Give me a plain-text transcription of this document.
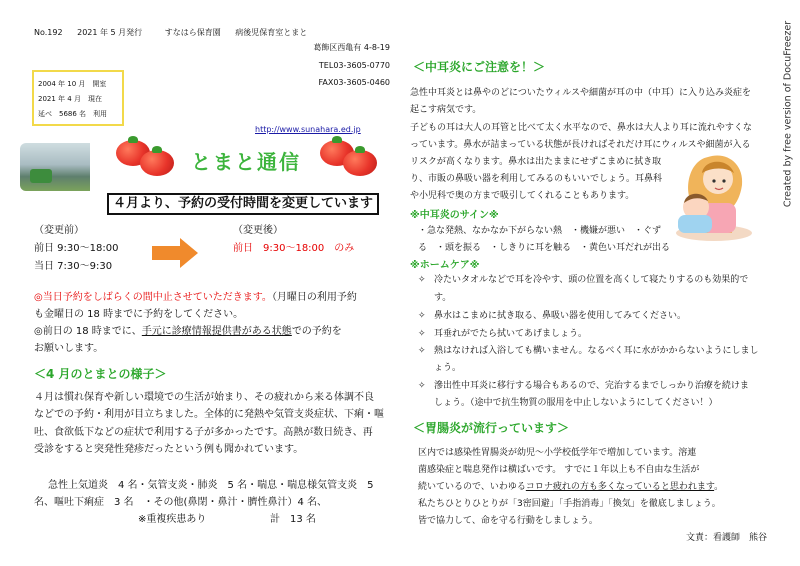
No.192 2021 年 5 月発行	すなはら保育園 病後児保育室とまと
葛飾区西亀有 4-8-19
TEL03-3605-0770
FAX03-3605-0460
2004 年 10 月　開室
2021 年 4 月　現在
延べ　5686 名　利用
http://www.sunahara.ed.jp
とまと通信
４月より、予約の受付時間を変更しています
（変更前）
前日 9:30～18:00
当日 7:30～9:30
（変更後）
前日　9:30～18:00　のみ
◎当日予約をしばらくの間中止させていただきます。（月曜日の利用予約
も金曜日の 18 時までに予約をしてください。
◎前日の 18 時までに、手元に診療情報提供書がある状態での予約を
お願いします。
＜4 月のとまとの様子＞
４月は慣れ保育や新しい環境での生活が始まり、その疲れから来る体調不良
などでの予約・利用が目立ちました。全体的に発熱や気管支炎症状、下痢・嘔
吐、食欲低下などの症状で利用する子が多かったです。高熱が数日続き、再
受診をすると突発性発疹だったという例も聞かれています。
急性上気道炎　4 名・気管支炎・肺炎　5 名・喘息・喘息様気管支炎　5
名、嘔吐下痢症　3 名　・その他(鼻閉・鼻汁・臍性鼻汁）4 名、
※重複疾患あり	計　13 名
＜中耳炎にご注意を！＞
急性中耳炎とは鼻やのどについたウィルスや細菌が耳の中（中耳）に入り込み炎症を
起こす病気です。
子どもの耳は大人の耳管と比べて太く水平なので、鼻水は大人より耳に流れやすくな
っています。鼻水が詰まっている状態が長ければそれだけ耳にウィルスや細菌が入る
リスクが高くなります。鼻水は出たままにせずこまめに拭き取
り、市販の鼻吸い器を利用してみるのもいいでしょう。耳鼻科
や小児科で奥の方まで吸引してくれることもあります。
※中耳炎のサイン※
・急な発熱、なかなか下がらない熱　・機嫌が悪い　・ぐず
る　・頭を振る　・しきりに耳を触る　・黄色い耳だれが出る
※ホームケア※
✧ 冷たいタオルなどで耳を冷やす、頭の位置を高くして寝たりするのも効果的で
す。
✧ 鼻水はこまめに拭き取る、鼻吸い器を使用してみてください。
✧ 耳垂れがでたら拭いてあげましょう。
✧ 熱はなければ入浴しても構いません。なるべく耳に水がかからないようにしまし
ょう。
✧ 滲出性中耳炎に移行する場合もあるので、完治するまでしっかり治療を続けま
しょう。（途中で抗生物質の服用を中止しないようにしてください！）
＜胃腸炎が流行っています＞
区内では感染性胃腸炎が幼児～小学校低学年で増加しています。溶連
菌感染症と喘息発作は横ばいです。 すでに１年以上も不自由な生活が
続いているので、いわゆるコロナ疲れの方も多くなっていると思われます。
私たちひとりひとりが「3密回避」「手指消毒」「換気」を徹底しましょう。
皆で協力して、命を守る行動をしましょう。
文責：看護師　熊谷
Created by free version of DocuFreezer
